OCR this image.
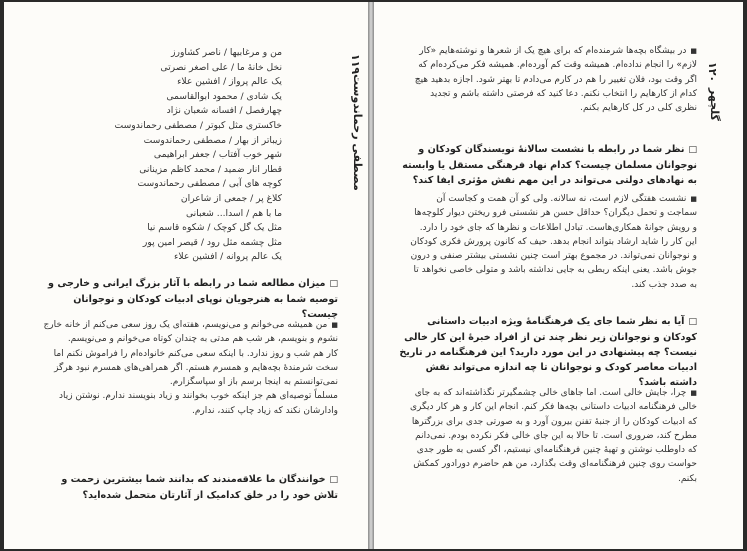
۱۱۹
مصطفی رحماندوست
من و مرغابیها / ناصر کشاورز
نخل خانهٔ ما / علی اصغر نصرتی
یک عالم پرواز / افشین علاء
یک شادی / محمود ابوالقاسمی
چهارفصل / افسانه شعبان نژاد
خاکستری مثل کبوتر / مصطفی رحماندوست
زیباتر از بهار / مصطفی رحماندوست
شهر خوب آفتاب / جعفر ابراهیمی
قطار انار ضمید / محمد کاظم مزینانی
کوچه های آبی / مصطفی رحماندوست
کلاغ پر / جمعی از شاعران
ما با هم / اسدا... شعبانی
مثل یک گل کوچک / شکوه قاسم نیا
مثل چشمه مثل رود / قیصر امین پور
یک عالم پروانه / افشین علاء
□ میزان مطالعه شما در رابطه با آثار بزرگ ایرانی و خارجی و توصیه شما به هنرجویان نوپای ادبیات کودکان و نوجوانان چیست؟

■ من همیشه می‌خوانم و می‌نویسم، هفته‌ای یک روز سعی می‌کنم از خانه خارج نشوم و بنویسم، هر شب هم مدتی به چندان کوتاه می‌خوانم و می‌نویسم.

کار هم شب و روز ندارد. با اینکه سعی می‌کنم خانواده‌ام را فراموش نکنم اما سخت شرمندهٔ بچه‌هایم و همسرم هستم. اگر همراهی‌های همسرم نبود هرگز نمی‌توانستم به اینجا برسم باز او سپاسگزارم.

مسلماً توصیه‌ای هم جز اینکه خوب بخوانند و زیاد بنویسند ندارم. نوشتن زیاد وادارشان نکند که زیاد چاپ کنند، ندارم.

□ خوانندگان ما علاقه‌مندند که بدانند شما بیشترین زحمت و تلاش خود را در خلق کدامیک از آثارتان متحمل شده‌اید؟
۱۲۰
گلچهر
■ در بیشگاه بچه‌ها شرمنده‌ام که برای هیچ یک از شعرها و نوشته‌هایم «کار لازم» را انجام نداده‌ام. همیشه وقت کم آورده‌ام. همیشه فکر می‌کرده‌ام که اگر وقت بود، فلان تغییر را هم در کارم می‌دادم تا بهتر شود. اجازه بدهید هیچ کدام از کارهایم را انتخاب نکنم. دعا کنید که فرصتی داشته باشم و تجدید نظری کلی در کل کارهایم بکنم.
□ نظر شما در رابطه با نشست سالانهٔ نویسندگان کودکان و نوجوانان مسلمان چیست؟ کدام نهاد فرهنگی مستقل یا وابسته به نهادهای دولتی می‌تواند در این مهم نقش مؤثری ایفا کند؟

■ نشست هفتگی لازم است، نه سالانه. ولی کو آن همت و کجاست آن سماجت و تحمل دیگران؟ حداقل حسن هر نشستی فرو ریختن دیوار کلوچه‌ها و رویش جوانهٔ همکاری‌هاست. تبادل اطلاعات و نظرها که جای خود را دارد.

این کار را شاید ارشاد بتواند انجام بدهد. حیف که کانون پرورش فکری کودکان و نوجوانان نمی‌تواند. در مجموع بهتر است چنین نشستی بیشتر صنفی و درون جوش باشد. یعنی اینکه ربطی به جایی نداشته باشد و متولی خاصی نخواهد تا به صدد جذب کند.

□ آیا به نظر شما جای یک فرهنگنامهٔ ویژه ادبیات داستانی کودکان و نوجوانان زیر نظر چند تن از افراد خبرهٔ این کار خالی نیست؟ چه پیشنهادی در این مورد دارید؟ این فرهنگنامه در تاریخ ادبیات معاصر کودک و نوجوانان تا چه اندازه می‌تواند نقش داشته باشد؟
■ چرا، جایش خالی است. اما جاهای خالی چشمگیرتر نگذاشته‌اند که به جای خالی فرهنگنامه ادبیات داستانی بچه‌ها فکر کنم. انجام این کار و هر کار دیگری که ادبیات کودکان را از جنبهٔ تفنن بیرون آورد و به صورتی جدی برای بزرگترها مطرح کند، ضروری است. تا حالا به این جای خالی فکر نکرده بودم. نمی‌دانم که داوطلب نوشتن و تهیهٔ چنین فرهنگنامه‌ای نیستیم، اگر کسی به طور جدی حواست روی چنین فرهنگنامه‌ای وقت بگذارد، من هم حاضرم دورادور کمکش بکنم.
